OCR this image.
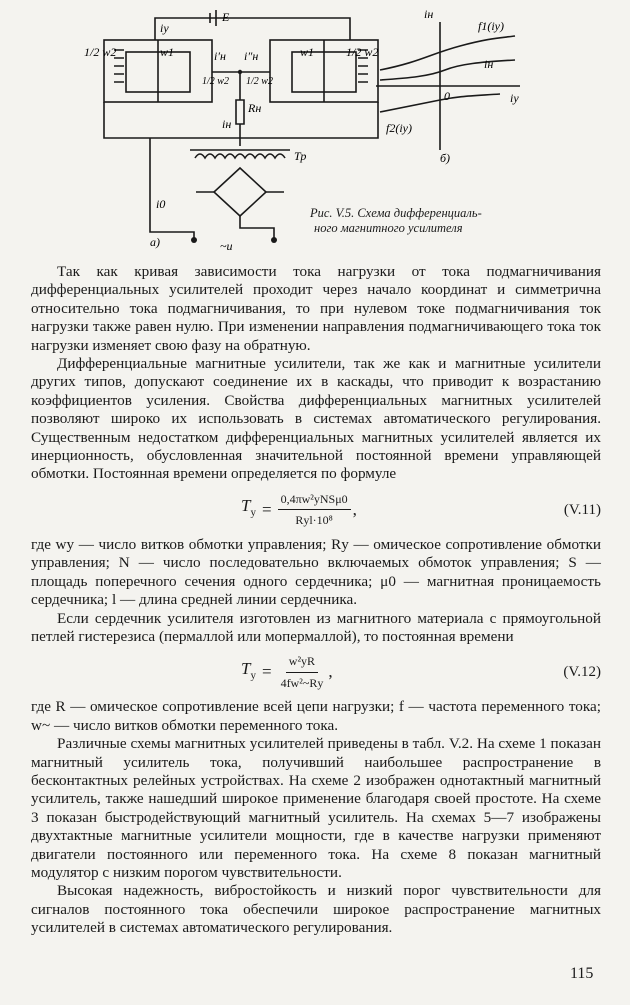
iy
E
1/2 w2	w1	i′н i″н
1/2 w2 1/2 w2
w1	1/2 w2
Rн
iн
Тр
i0
~u
а)
iн
iy
0
f1(iy)
iн
f2(iy)
б)
Рис. V.5. Схема дифференциаль-
ного магнитного усилителя

Так как кривая зависимости тока нагрузки от тока подмагничивания дифференциальных усилителей проходит через начало координат и симметрична относительно тока подмагничивания, то при нулевом токе подмагничивания ток нагрузки также равен нулю. При изменении направления подмагничивающего тока ток нагрузки изменяет свою фазу на обратную.

Дифференциальные магнитные усилители, так же как и магнитные усилители других типов, допускают соединение их в каскады, что приводит к возрастанию коэффициентов усиления. Свойства дифференциальных магнитных усилителей позволяют широко их использовать в системах автоматического регулирования. Существенным недостатком дифференциальных магнитных усилителей является их инерционность, обусловленная значительной постоянной времени управляющей обмотки. Постоянная времени определяется по формуле

$T_у = \frac{\text{0,4πw²уNSμ0}}{\text{Rуl·10⁸}}$ ,	(V.11)

где wу — число витков обмотки управления; Rу — омическое сопротивление обмотки управления; N — число последовательно включаемых обмоток управления; S — площадь поперечного сечения одного сердечника; μ0 — магнитная проницаемость сердечника; l — длина средней линии сердечника.

Если сердечник усилителя изготовлен из магнитного материала с прямоугольной петлей гистерезиса (пермаллой или мопермаллой), то постоянная времени

$T_у = \frac{\text{w²уR}}{\text{4fw²\textasciitilde{}Rу}}$ ,	(V.12)

где R — омическое сопротивление всей цепи нагрузки; f — частота переменного тока; w~ — число витков обмотки переменного тока.

Различные схемы магнитных усилителей приведены в табл. V.2. На схеме 1 показан магнитный усилитель тока, получивший наибольшее распространение в бесконтактных релейных устройствах. На схеме 2 изображен однотактный магнитный усилитель, также нашедший широкое применение благодаря своей простоте. На схеме 3 показан быстродействующий магнитный усилитель. На схемах 5—7 изображены двухтактные магнитные усилители мощности, где в качестве нагрузки применяют двигатели постоянного или переменного тока. На схеме 8 показан магнитный модулятор с низким порогом чувствительности.

Высокая надежность, вибростойкость и низкий порог чувствительности для сигналов постоянного тока обеспечили широкое распространение магнитных усилителей в системах автоматического регулирования.

115
